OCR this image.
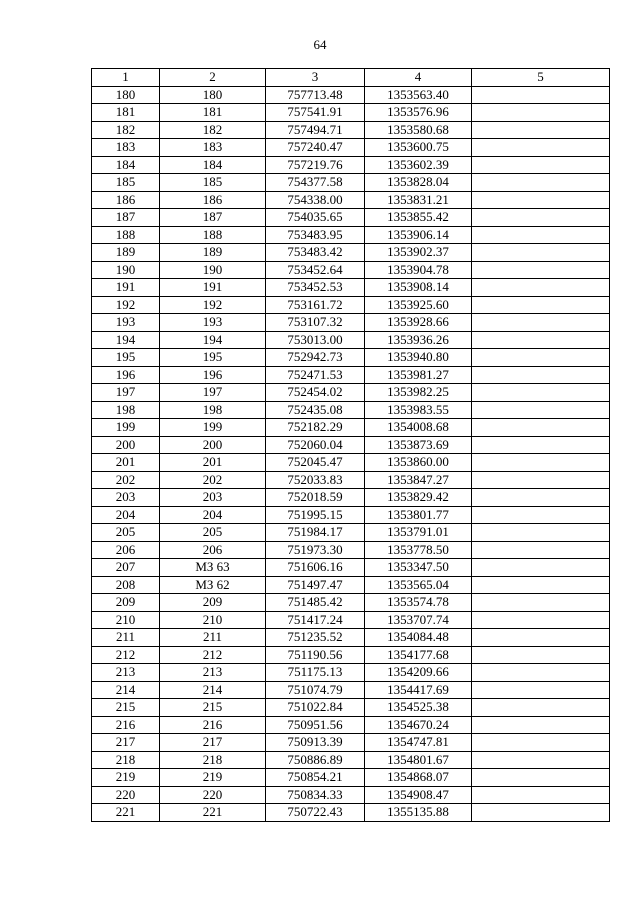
64
1	2	3	4	5
180	180	757713.48	1353563.40	
181	181	757541.91	1353576.96	
182	182	757494.71	1353580.68	
183	183	757240.47	1353600.75	
184	184	757219.76	1353602.39	
185	185	754377.58	1353828.04	
186	186	754338.00	1353831.21	
187	187	754035.65	1353855.42	
188	188	753483.95	1353906.14	
189	189	753483.42	1353902.37	
190	190	753452.64	1353904.78	
191	191	753452.53	1353908.14	
192	192	753161.72	1353925.60	
193	193	753107.32	1353928.66	
194	194	753013.00	1353936.26	
195	195	752942.73	1353940.80	
196	196	752471.53	1353981.27	
197	197	752454.02	1353982.25	
198	198	752435.08	1353983.55	
199	199	752182.29	1354008.68	
200	200	752060.04	1353873.69	
201	201	752045.47	1353860.00	
202	202	752033.83	1353847.27	
203	203	752018.59	1353829.42	
204	204	751995.15	1353801.77	
205	205	751984.17	1353791.01	
206	206	751973.30	1353778.50	
207	МЗ 63	751606.16	1353347.50	
208	МЗ 62	751497.47	1353565.04	
209	209	751485.42	1353574.78	
210	210	751417.24	1353707.74	
211	211	751235.52	1354084.48	
212	212	751190.56	1354177.68	
213	213	751175.13	1354209.66	
214	214	751074.79	1354417.69	
215	215	751022.84	1354525.38	
216	216	750951.56	1354670.24	
217	217	750913.39	1354747.81	
218	218	750886.89	1354801.67	
219	219	750854.21	1354868.07	
220	220	750834.33	1354908.47	
221	221	750722.43	1355135.88	
